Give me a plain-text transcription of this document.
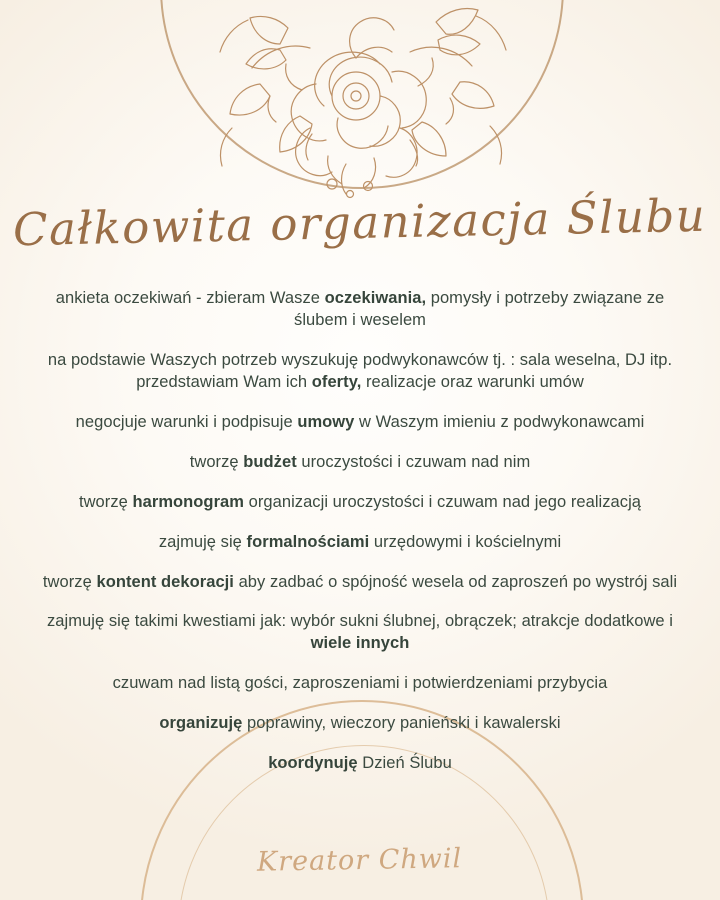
Całkowita organizacja Ślubu

ankieta oczekiwań - zbieram Wasze oczekiwania, pomysły i potrzeby związane ze ślubem i weselem

na podstawie Waszych potrzeb wyszukuję podwykonawców tj. : sala weselna, DJ itp. przedstawiam Wam ich oferty, realizacje oraz warunki umów

negocjuje warunki i podpisuje umowy w Waszym imieniu z podwykonawcami

tworzę budżet uroczystości i czuwam nad nim

tworzę harmonogram organizacji uroczystości i czuwam nad jego realizacją

zajmuję się formalnościami urzędowymi i kościelnymi

tworzę kontent dekoracji aby zadbać o spójność wesela od zaproszeń po wystrój sali

zajmuję się takimi kwestiami jak: wybór sukni ślubnej, obrączek; atrakcje dodatkowe i wiele innych

czuwam nad listą gości, zaproszeniami i potwierdzeniami przybycia

organizuję poprawiny, wieczory panieński i kawalerski

koordynuję Dzień Ślubu

Kreator Chwil
